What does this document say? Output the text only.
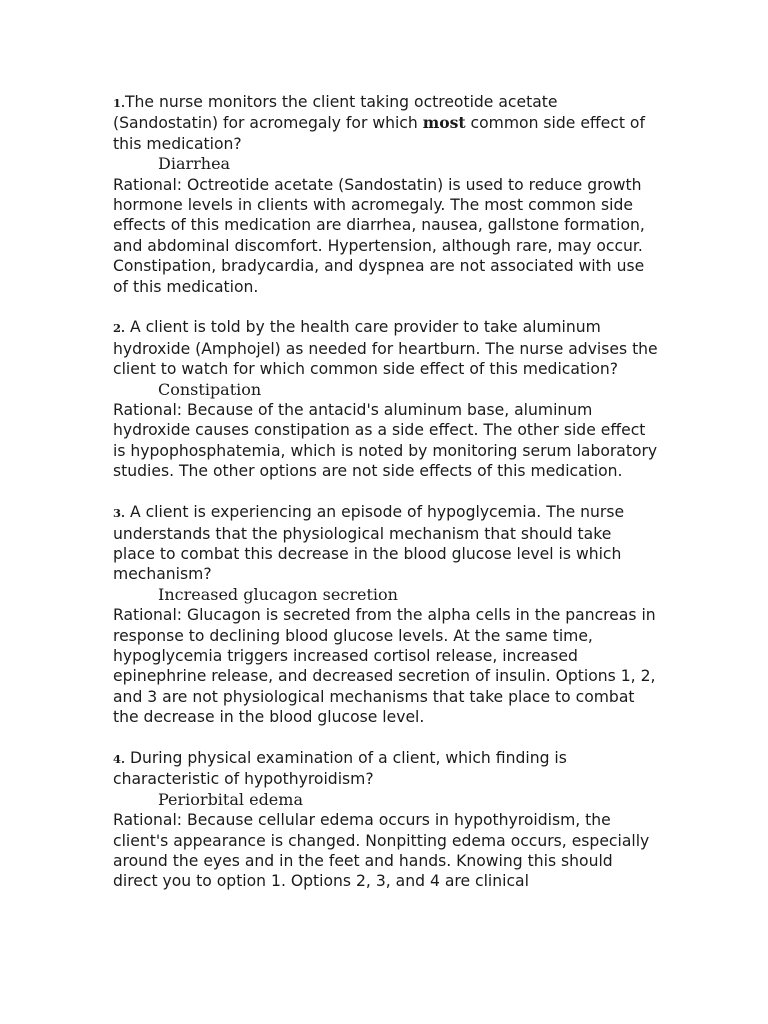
1.The nurse monitors the client taking octreotide acetate (Sandostatin) for acromegaly for which most common side effect of this medication?

Diarrhea

Rational: Octreotide acetate (Sandostatin) is used to reduce growth hormone levels in clients with acromegaly. The most common side effects of this medication are diarrhea, nausea, gallstone formation, and abdominal discomfort. Hypertension, although rare, may occur. Constipation, bradycardia, and dyspnea are not associated with use of this medication.

2. A client is told by the health care provider to take aluminum hydroxide (Amphojel) as needed for heartburn. The nurse advises the client to watch for which common side effect of this medication?

Constipation

Rational: Because of the antacid's aluminum base, aluminum hydroxide causes constipation as a side effect. The other side effect is hypophosphatemia, which is noted by monitoring serum laboratory studies. The other options are not side effects of this medication.

3. A client is experiencing an episode of hypoglycemia. The nurse understands that the physiological mechanism that should take place to combat this decrease in the blood glucose level is which mechanism?

Increased glucagon secretion

Rational: Glucagon is secreted from the alpha cells in the pancreas in response to declining blood glucose levels. At the same time, hypoglycemia triggers increased cortisol release, increased epinephrine release, and decreased secretion of insulin. Options 1, 2, and 3 are not physiological mechanisms that take place to combat the decrease in the blood glucose level.

4. During physical examination of a client, which finding is characteristic of hypothyroidism?

Periorbital edema

Rational: Because cellular edema occurs in hypothyroidism, the client's appearance is changed. Nonpitting edema occurs, especially around the eyes and in the feet and hands. Knowing this should direct you to option 1. Options 2, 3, and 4 are clinical
